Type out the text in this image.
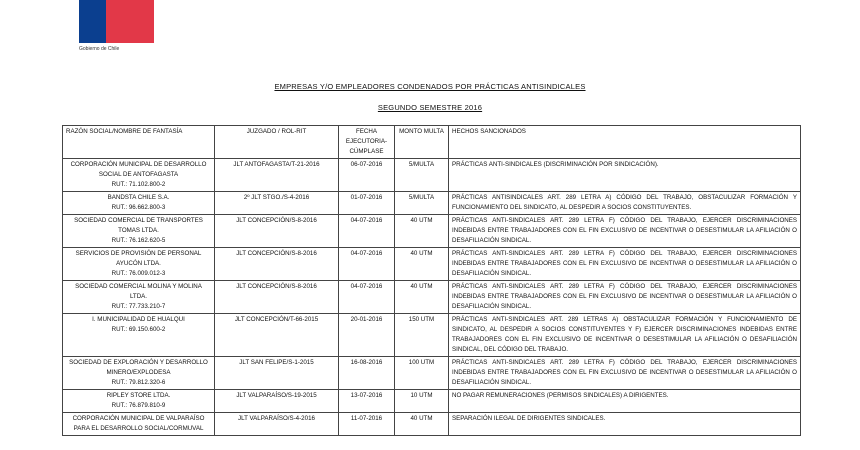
Gobierno de Chile
EMPRESAS Y/O EMPLEADORES CONDENADOS POR PRÁCTICAS ANTISINDICALES
SEGUNDO SEMESTRE 2016
RAZÓN SOCIAL/NOMBRE DE FANTASÍA	JUZGADO / ROL-RIT	FECHA EJECUTORIA-CÚMPLASE	MONTO MULTA	HECHOS SANCIONADOS

CORPORACIÓN MUNICIPAL DE DESARROLLO SOCIAL DE ANTOFAGASTA
RUT.: 71.102.800-2	JLT ANTOFAGASTA/T-21-2016	06-07-2016	5/MULTA	PRÁCTICAS ANTI-SINDICALES (DISCRIMINACIÓN POR SINDICACIÓN).

BANDSTA CHILE S.A.
RUT.: 96.662.800-3	2º JLT STGO./S-4-2016	01-07-2016	5/MULTA	PRÁCTICAS ANTISINDICALES ART. 289 LETRA A) CÓDIGO DEL TRABAJO, OBSTACULIZAR FORMACIÓN Y FUNCIONAMIENTO DEL SINDICATO, AL DESPEDIR A SOCIOS CONSTITUYENTES.

SOCIEDAD COMERCIAL DE TRANSPORTES TOMAS LTDA.
RUT.: 76.162.620-5	JLT CONCEPCIÓN/S-8-2016	04-07-2016	40 UTM	PRÁCTICAS ANTI-SINDICALES ART. 289 LETRA F) CÓDIGO DEL TRABAJO, EJERCER DISCRIMINACIONES INDEBIDAS ENTRE TRABAJADORES CON EL FIN EXCLUSIVO DE INCENTIVAR O DESESTIMULAR LA AFILIACIÓN O DESAFILIACIÓN SINDICAL.

SERVICIOS DE PROVISIÓN DE PERSONAL AYUCÓN LTDA.
RUT.: 76.009.012-3	JLT CONCEPCIÓN/S-8-2016	04-07-2016	40 UTM	PRÁCTICAS ANTI-SINDICALES ART. 289 LETRA F) CÓDIGO DEL TRABAJO, EJERCER DISCRIMINACIONES INDEBIDAS ENTRE TRABAJADORES CON EL FIN EXCLUSIVO DE INCENTIVAR O DESESTIMULAR LA AFILIACIÓN O DESAFILIACIÓN SINDICAL.

SOCIEDAD COMERCIAL MOLINA Y MOLINA LTDA.
RUT.: 77.733.210-7	JLT CONCEPCIÓN/S-8-2016	04-07-2016	40 UTM	PRÁCTICAS ANTI-SINDICALES ART. 289 LETRA F) CÓDIGO DEL TRABAJO, EJERCER DISCRIMINACIONES INDEBIDAS ENTRE TRABAJADORES CON EL FIN EXCLUSIVO DE INCENTIVAR O DESESTIMULAR LA AFILIACIÓN O DESAFILIACIÓN SINDICAL.

I. MUNICIPALIDAD DE HUALQUI
RUT.: 69.150.600-2	JLT CONCEPCIÓN/T-66-2015	20-01-2016	150 UTM	PRÁCTICAS ANTI-SINDICALES ART. 289 LETRAS A) OBSTACULIZAR FORMACIÓN Y FUNCIONAMIENTO DE SINDICATO, AL DESPEDIR A SOCIOS CONSTITUYENTES Y F) EJERCER DISCRIMINACIONES INDEBIDAS ENTRE TRABAJADORES CON EL FIN EXCLUSIVO DE INCENTIVAR O DESESTIMULAR LA AFILIACIÓN O DESAFILIACIÓN SINDICAL, DEL CÓDIGO DEL TRABAJO.

SOCIEDAD DE EXPLORACIÓN Y DESARROLLO MINERO/EXPLODESA
RUT.: 79.812.320-6	JLT SAN FELIPE/S-1-2015	16-08-2016	100 UTM	PRÁCTICAS ANTI-SINDICALES ART. 289 LETRA F) CÓDIGO DEL TRABAJO, EJERCER DISCRIMINACIONES INDEBIDAS ENTRE TRABAJADORES CON EL FIN EXCLUSIVO DE INCENTIVAR O DESESTIMULAR LA AFILIACIÓN O DESAFILIACIÓN SINDICAL.

RIPLEY STORE LTDA.
RUT.: 76.879.810-9	JLT VALPARAÍSO/S-19-2015	13-07-2016	10 UTM	NO PAGAR REMUNERACIONES (PERMISOS SINDICALES) A DIRIGENTES.

CORPORACIÓN MUNICIPAL DE VALPARAÍSO PARA EL DESARROLLO SOCIAL/CORMUVAL	JLT VALPARAÍSO/S-4-2016	11-07-2016	40 UTM	SEPARACIÓN ILEGAL DE DIRIGENTES SINDICALES.
